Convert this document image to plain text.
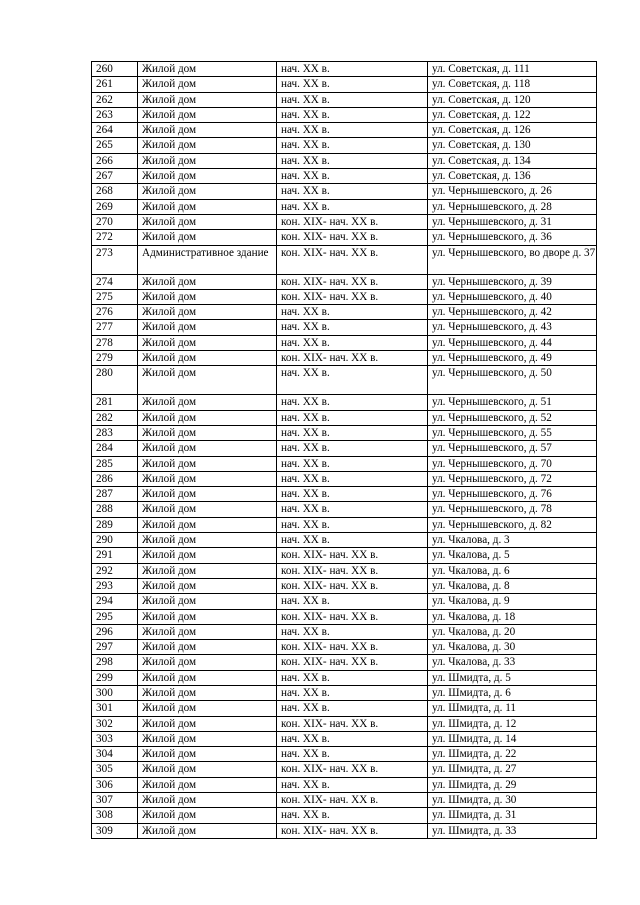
260	Жилой дом	нач. XX в.	ул. Советская, д. 111
261	Жилой дом	нач. XX в.	ул. Советская, д. 118
262	Жилой дом	нач. XX в.	ул. Советская, д. 120
263	Жилой дом	нач. XX в.	ул. Советская, д. 122
264	Жилой дом	нач. XX в.	ул. Советская, д. 126
265	Жилой дом	нач. XX в.	ул. Советская, д. 130
266	Жилой дом	нач. XX в.	ул. Советская, д. 134
267	Жилой дом	нач. XX в.	ул. Советская, д. 136
268	Жилой дом	нач. XX в.	ул. Чернышевского, д. 26
269	Жилой дом	нач. XX в.	ул. Чернышевского, д. 28
270	Жилой дом	кон. XIX- нач. XX в.	ул. Чернышевского, д. 31
272	Жилой дом	кон. XIX- нач. XX в.	ул. Чернышевского, д. 36
273	Административное здание	кон. XIX- нач. XX в.	ул. Чернышевского, во дворе д. 37
274	Жилой дом	кон. XIX- нач. XX в.	ул. Чернышевского, д. 39
275	Жилой дом	кон. XIX- нач. XX в.	ул. Чернышевского, д. 40
276	Жилой дом	нач. XX в.	ул. Чернышевского, д. 42
277	Жилой дом	нач. XX в.	ул. Чернышевского, д. 43
278	Жилой дом	нач. XX в.	ул. Чернышевского, д. 44
279	Жилой дом	кон. XIX- нач. XX в.	ул. Чернышевского, д. 49
280	Жилой дом	нач. XX в.	ул. Чернышевского, д. 50
281	Жилой дом	нач. XX в.	ул. Чернышевского, д. 51
282	Жилой дом	нач. XX в.	ул. Чернышевского, д. 52
283	Жилой дом	нач. XX в.	ул. Чернышевского, д. 55
284	Жилой дом	нач. XX в.	ул. Чернышевского, д. 57
285	Жилой дом	нач. XX в.	ул. Чернышевского, д. 70
286	Жилой дом	нач. XX в.	ул. Чернышевского, д. 72
287	Жилой дом	нач. XX в.	ул. Чернышевского, д. 76
288	Жилой дом	нач. XX в.	ул. Чернышевского, д. 78
289	Жилой дом	нач. XX в.	ул. Чернышевского, д. 82
290	Жилой дом	нач. XX в.	ул. Чкалова, д. 3
291	Жилой дом	кон. XIX- нач. XX в.	ул. Чкалова, д. 5
292	Жилой дом	кон. XIX- нач. XX в.	ул. Чкалова, д. 6
293	Жилой дом	кон. XIX- нач. XX в.	ул. Чкалова, д. 8
294	Жилой дом	нач. XX в.	ул. Чкалова, д. 9
295	Жилой дом	кон. XIX- нач. XX в.	ул. Чкалова, д. 18
296	Жилой дом	нач. XX в.	ул. Чкалова, д. 20
297	Жилой дом	кон. XIX- нач. XX в.	ул. Чкалова, д. 30
298	Жилой дом	кон. XIX- нач. XX в.	ул. Чкалова, д. 33
299	Жилой дом	нач. XX в.	ул. Шмидта, д. 5
300	Жилой дом	нач. XX в.	ул. Шмидта, д. 6
301	Жилой дом	нач. XX в.	ул. Шмидта, д. 11
302	Жилой дом	кон. XIX- нач. XX в.	ул. Шмидта, д. 12
303	Жилой дом	нач. XX в.	ул. Шмидта, д. 14
304	Жилой дом	нач. XX в.	ул. Шмидта, д. 22
305	Жилой дом	кон. XIX- нач. XX в.	ул. Шмидта, д. 27
306	Жилой дом	нач. XX в.	ул. Шмидта, д. 29
307	Жилой дом	кон. XIX- нач. XX в.	ул. Шмидта, д. 30
308	Жилой дом	нач. XX в.	ул. Шмидта, д. 31
309	Жилой дом	кон. XIX- нач. XX в.	ул. Шмидта, д. 33
